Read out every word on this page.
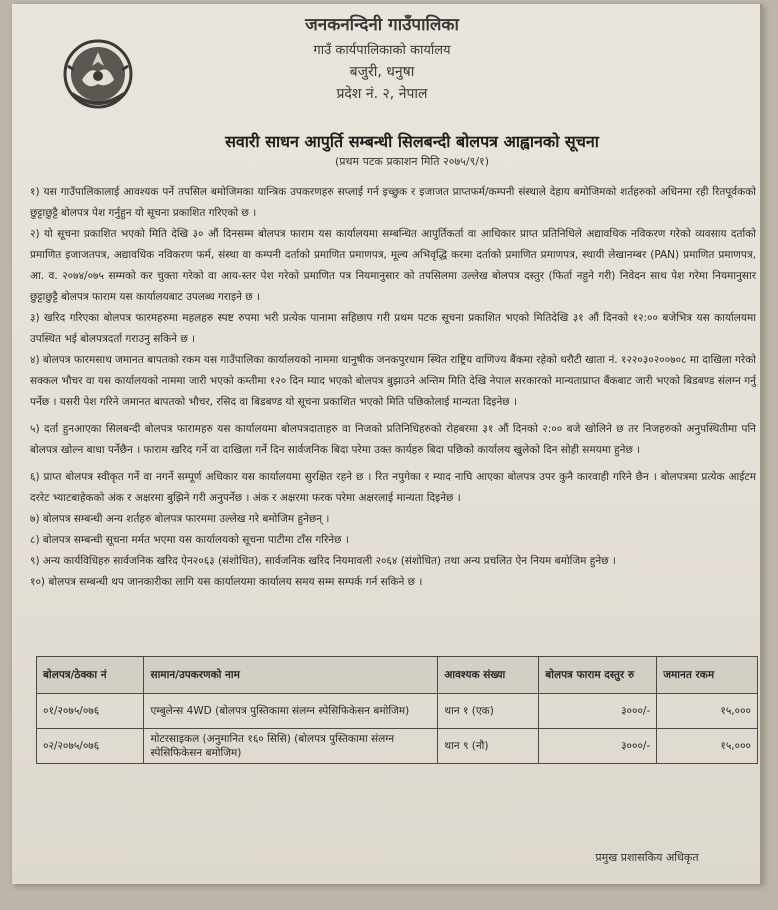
जनकनन्दिनी गाउँपालिका
गाउँ कार्यपालिकाको कार्यालय
बजुरी, धनुषा
प्रदेश नं. २, नेपाल
सवारी साधन आपुर्ति सम्बन्धी सिलबन्दी बोलपत्र आह्वानको सूचना
(प्रथम पटक प्रकाशन मिति २०७५/९/१)

१) यस गाउँपालिकालाई आवश्यक पर्ने तपसिल बमोजिमका यान्त्रिक उपकरणहरु सप्लाई गर्न इच्छुक र इजाजत प्राप्तफर्म/कम्पनी संस्थाले देहाय बमोजिमको शर्तहरुको अधिनमा रही रितपूर्वकको छुट्टाछुट्टै बोलपत्र पेश गर्नुहुन यो सूचना प्रकाशित गरिएको छ ।

२) यो सूचना प्रकाशित भएको मिति देखि ३० औं दिनसम्म बोलपत्र फाराम यस कार्यालयमा सम्बन्धित आपुर्तिकर्ता वा आधिकार प्राप्त प्रतिनिधिले अद्यावधिक नविकरण गरेको व्यवसाय दर्ताको प्रमाणित इजाजतपत्र, अद्यावधिक नविकरण फर्म, संस्था वा कम्पनी दर्ताको प्रमाणित प्रमाणपत्र, मूल्य अभिवृद्धि करमा दर्ताको प्रमाणित प्रमाणपत्र, स्थायी लेखानम्बर (PAN) प्रमाणित प्रमाणपत्र, आ. व. २०७४/०७५ सम्मको कर चुक्ता गरेको वा आय-स्तर पेश गरेको प्रमाणित पत्र नियमानुसार को तपसिलमा उल्लेख बोलपत्र दस्तुर (फिर्ता नहुने गरी) निवेदन साथ पेश गरेमा नियमानुसार छुट्टाछुट्टै बोलपत्र फाराम यस कार्यालयबाट उपलब्ध गराइने छ ।

३) खरिद गरिएका बोलपत्र फारमहरुमा महलहरु स्पष्ट रुपमा भरी प्रत्येक पानामा सहिछाप गरी प्रथम पटक सूचना प्रकाशित भएको मितिदेखि ३१ औं दिनको १२:०० बजेभित्र यस कार्यालयमा उपस्थित भई बोलपत्रदर्ता गराउनु सकिने छ ।

४) बोलपत्र फारमसाथ जमानत बापतको रकम यस गाउँपालिका कार्यालयको नाममा धानुषीक जनकपुरधाम स्थित राष्ट्रिय वाणिज्य बैंकमा रहेको धरौटी खाता नं. १२२०३०२००७०८ मा दाखिला गरेको सक्कल भौचर वा यस कार्यालयको नाममा जारी भएको कम्तीमा १२० दिन म्याद भएको बोलपत्र बुझाउने अन्तिम मिति देखि नेपाल सरकारको मान्यताप्राप्त बैंकबाट जारी भएको बिडबण्ड संलग्न गर्नु पर्नेछ । यसरी पेश गरिने जमानत बापतको भौचर, रसिद वा बिडबण्ड यो सूचना प्रकाशित भएको मिति पछिकोलाई मान्यता दिइनेछ ।

५) दर्ता हुनआएका सिलबन्दी बोलपत्र फारामहरु यस कार्यालयमा बोलपत्रदाताहरु वा निजको प्रतिनिधिहरुको रोहबरमा ३१ औं दिनको २:०० बजे खोलिने छ तर निजहरुको अनुपस्थितीमा पनि बोलपत्र खोल्न बाधा पर्नेछैन । फाराम खरिद गर्ने वा दाखिला गर्ने दिन सार्वजनिक बिदा परेमा उक्त कार्यहरु बिदा पछिको कार्यालय खुलेको दिन सोही समयमा हुनेछ ।

६) प्राप्त बोलपत्र स्वीकृत गर्ने वा नगर्ने सम्पूर्ण अधिकार यस कार्यालयमा सुरक्षित रहने छ । रित नपुगेका र म्याद नाघि आएका बोलपत्र उपर कुनै कारवाही गरिने छैन । बोलपत्रमा प्रत्येक आईटम दररेट भ्याटबाहेकको अंक र अक्षरमा बुझिने गरी अनुपर्नेछ । अंक र अक्षरमा फरक परेमा अक्षरलाई मान्यता दिइनेछ ।

७) बोलपत्र सम्बन्धी अन्य शर्तहरु बोलपत्र फारममा उल्लेख गरे बमोजिम हुनेछन् ।

८) बोलपत्र सम्बन्धी सूचना मर्मत भएमा यस कार्यालयको सूचना पाटीमा टाँस गरिनेछ ।

९) अन्य कार्यविधिहरु सार्वजनिक खरिद ऐन२०६३ (संशोधित), सार्वजनिक खरिद नियमावली २०६४ (संशोधित) तथा अन्य प्रचलित ऐन नियम बमोजिम हुनेछ ।

१०) बोलपत्र सम्बन्धी थप जानकारीका लागि यस कार्यालयमा कार्यालय समय सम्म सम्पर्क गर्न सकिने छ ।

बोलपत्र/ठेक्का नं	सामान/उपकरणको नाम	आवश्यक संख्या	बोलपत्र फाराम दस्तुर रु	जमानत रकम
०१/२०७५/०७६	एम्बुलेन्स 4WD (बोलपत्र पुस्तिकामा संलग्न स्पेसिफिकेसन बमोजिम)	थान १ (एक)	३०००/-	१५,०००
०२/२०७५/०७६	मोटरसाइकल (अनुमानित १६० सिसि) (बोलपत्र पुस्तिकामा संलग्न स्पेसिफिकेसन बमोजिम)	थान ९ (नौ)	३०००/-	१५,०००
प्रमुख प्रशासकिय अधिकृत
